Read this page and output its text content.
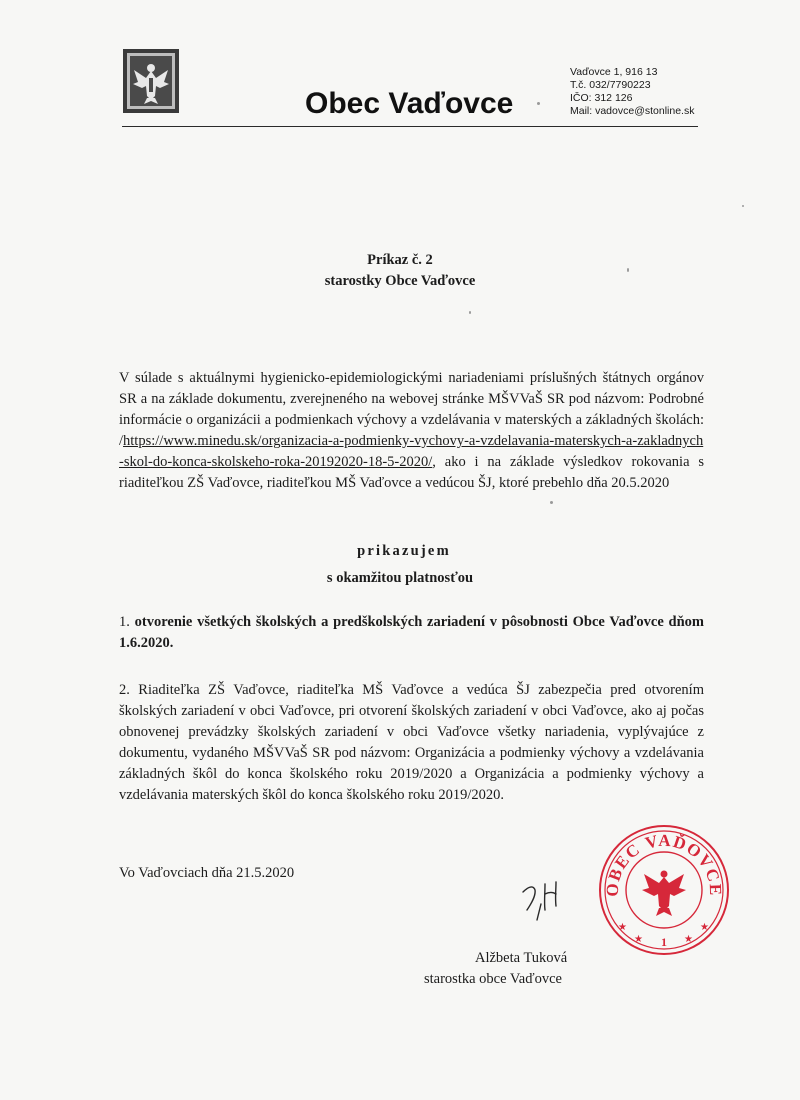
Obec Vaďovce
Vaďovce 1, 916 13
T.č. 032/7790223
IČO: 312 126
Mail: vadovce@stonline.sk
Príkaz č. 2
starostky Obce Vaďovce
V súlade s aktuálnymi hygienicko-epidemiologickými nariadeniami príslušných štátnych orgánov SR a na základe dokumentu, zverejneného na webovej stránke MŠVVaŠ SR pod názvom: Podrobné informácie o organizácii a podmienkach výchovy a vzdelávania v materských a základných školách: /https://www.minedu.sk/organizacia-a-podmienky-vychovy-a-vzdelavania-materskych-a-zakladnych-skol-do-konca-skolskeho-roka-20192020-18-5-2020/, ako i na základe výsledkov rokovania s riaditeľkou ZŠ Vaďovce, riaditeľkou MŠ Vaďovce a vedúcou ŠJ, ktoré prebehlo dňa 20.5.2020
prikazujem
s okamžitou platnosťou
1. otvorenie všetkých školských a predškolských zariadení v pôsobnosti Obce Vaďovce dňom 1.6.2020.
2. Riaditeľka ZŠ Vaďovce, riaditeľka MŠ Vaďovce a vedúca ŠJ zabezpečia pred otvorením školských zariadení v obci Vaďovce, pri otvorení školských zariadení v obci Vaďovce, ako aj počas obnovenej prevádzky školských zariadení v obci Vaďovce všetky nariadenia, vyplývajúce z dokumentu, vydaného MŠVVaŠ SR pod názvom: Organizácia a podmienky výchovy a vzdelávania základných škôl do konca školského roku 2019/2020 a Organizácia a podmienky výchovy a vzdelávania materských škôl do konca školského roku 2019/2020.
Vo Vaďovciach dňa 21.5.2020
OBEC VAĎOVCE
★
★	★
★
1
Alžbeta Tuková
starostka obce Vaďovce
